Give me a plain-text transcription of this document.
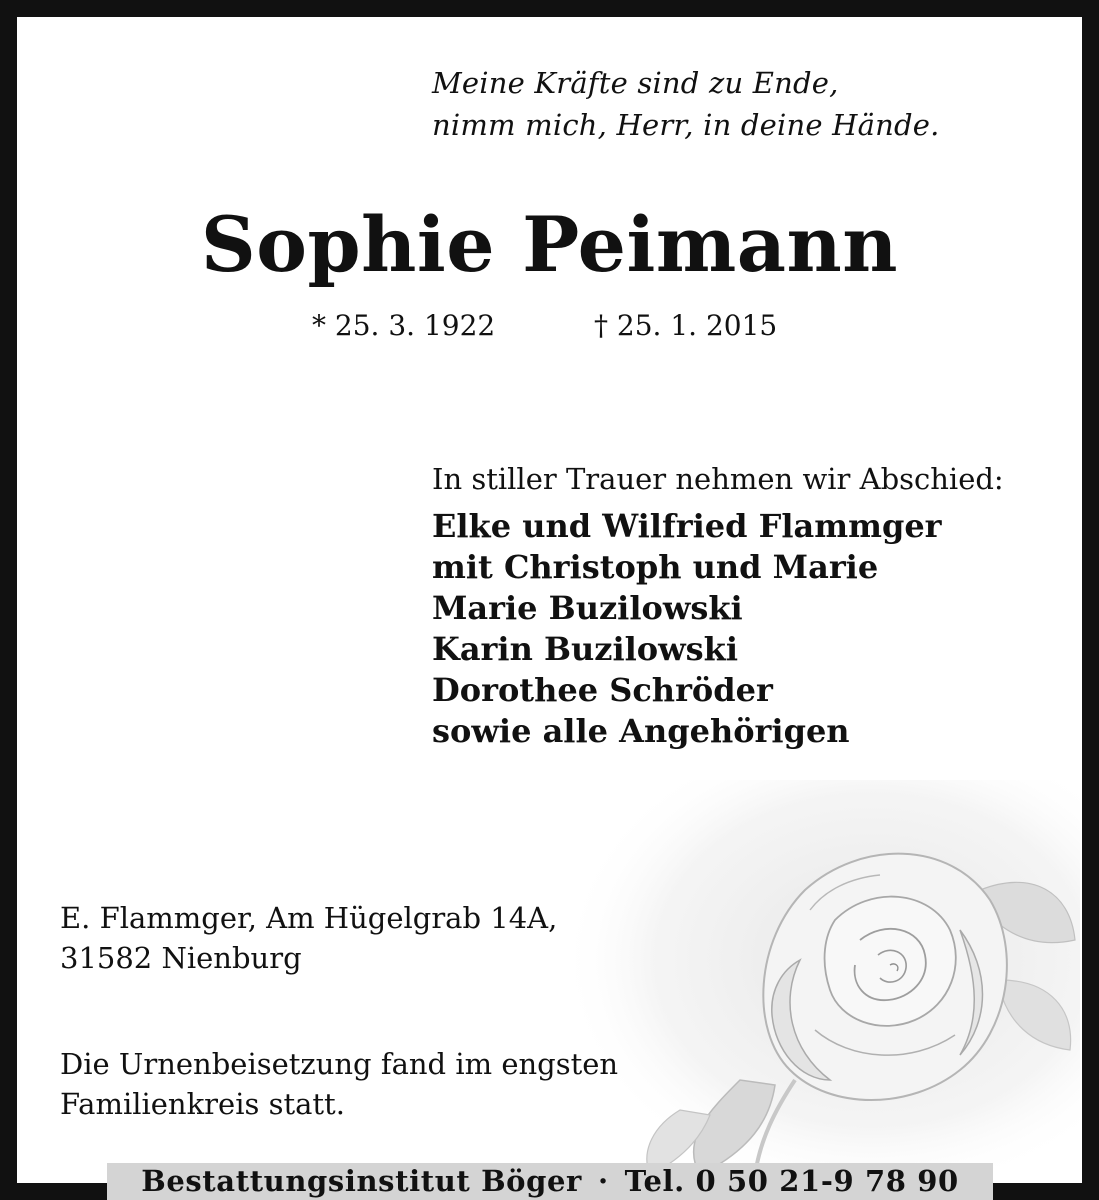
Meine Kräfte sind zu Ende,
nimm mich, Herr, in deine Hände.
Sophie Peimann
* 25. 3. 1922	† 25. 1. 2015
In stiller Trauer nehmen wir Abschied:
Elke und Wilfried Flammger
mit Christoph und Marie
Marie Buzilowski
Karin Buzilowski
Dorothee Schröder
sowie alle Angehörigen
E. Flammger, Am Hügelgrab 14A,
31582 Nienburg
Die Urnenbeisetzung fand im engsten
Familienkreis statt.
Bestattungsinstitut Böger · Tel. 0 50 21-9 78 90
